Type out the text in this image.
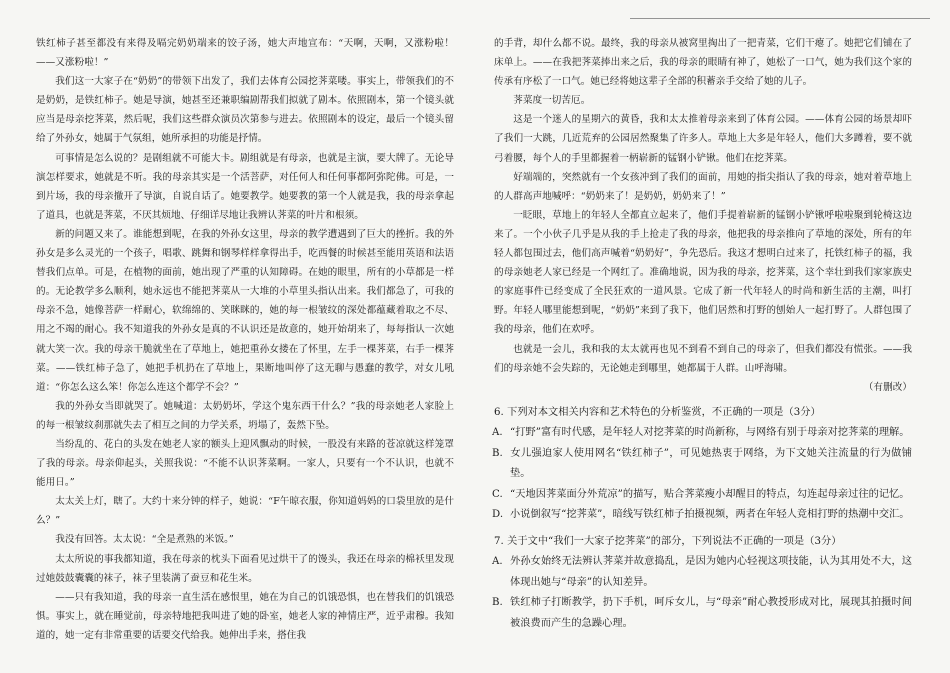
铁红柿子甚至都没有来得及嗝完奶奶端来的饺子汤，她大声地宣布：“天啊，天啊，又涨粉啦！——又涨粉啦！”

我们这一大家子在“奶奶”的带领下出发了，我们去体育公园挖荠菜喽。事实上，带领我们的不是奶奶，是铁红柿子。她是导演，她甚至还兼职编剧帮我们拟就了剧本。依照剧本，第一个镜头就应当是母亲挖荠菜，然后呢，我们这些群众演员次第参与进去。依照剧本的设定，最后一个镜头留给了外孙女，她属于气氛组，她所承担的功能是抒情。

可事情是怎么说的？是剧组就不可能大卡。剧组就是有母亲，也就是主演，要大牌了。无论导演怎样要求，她就是不听。我的母亲其实是一个活菩萨，对任何人和任何事都阿弥陀佛。可是，一到片场，我的母亲撤开了导演，自说自话了。她要教学。她要教的第一个人就是我，我的母亲拿起了道具，也就是荠菜，不厌其烦地、仔细详尽地让我辨认荠菜的叶片和根须。

新的问题又来了。谁能想到呢，在我的外孙女这里，母亲的教学遭遇到了巨大的挫折。我的外孙女是多么灵光的一个孩子，唱歌、跳舞和钢琴样样拿得出手，吃西餐的时候甚至能用英语和法语替我们点单。可是，在植物的面前，她出现了严重的认知障碍。在她的眼里，所有的小草都是一样的。无论教学多么顺利，她永远也不能把荠菜从一大堆的小草里头指认出来。我们都急了，可我的母亲不急，她像菩萨一样耐心，软绵绵的、笑眯眯的，她的每一根皱纹的深处都蕴藏着取之不尽、用之不竭的耐心。我不知道我的外孙女是真的不认识还是故意的，她开始胡来了，每每指认一次她就大笑一次。我的母亲干脆就坐在了草地上，她把重孙女搂在了怀里，左手一棵荠菜，右手一棵荠菜。——铁红柿子急了，她把手机扔在了草地上，果断地叫停了这无聊与愚蠢的教学，对女儿吼道：“你怎么这么笨！你怎么连这个都学不会？”

我的外孙女当即就哭了。她喊道：太奶奶坏，学这个鬼东西干什么？”我的母亲她老人家脸上的每一根皱纹刹那就失去了相互之间的力学关系，坍塌了，轰然下坠。

当纷乱的、花白的头发在她老人家的额头上迎风飘动的时候，一股没有来路的苍凉就这样笼罩了我的母亲。母亲仰起头，关照我说：“不能不认识荠菜啊。一家人，只要有一个不认识，也就不能用日。”

太太关上灯，瞎了。大约十来分钟的样子，她说：“F午晾衣服，你知道妈妈的口袋里放的是什么？”

我没有回答。太太说：“全是煮熟的米饭。”

太太所说的事我都知道，我在母亲的枕头下面看见过烘干了的馒头，我还在母亲的棉袄里发现过她鼓鼓囊囊的袜子，袜子里装满了蚕豆和花生米。

——只有我知道，我的母亲一直生活在感恨里，她在为自己的饥饿恐惧，也在替我们的饥饿恐惧。事实上，就在睡觉前，母亲特地把我叫进了她的卧室，她老人家的神情庄严，近乎肃穆。我知道的，她一定有非常重要的话要交代给我。她伸出手来，搭住我

的手背，却什么都不说。最终，我的母亲从被窝里掏出了一把青菜，它们干瘪了。她把它们铺在了床单上。——在我把荠菜捧出来之后，我的母亲的眼睛有神了，她松了一口气，她为我们这个家的传承有序松了一口气。她已经将她这辈子全部的积蓄亲手交给了她的儿子。

荠菜度一切苦厄。

这是一个迷人的星期六的黄昏，我和太太推着母亲来到了体育公园。——体育公园的场景却吓了我们一大跳，几近荒弃的公园居然聚集了许多人。草地上大多是年轻人，他们大多蹲着，要不就弓着腰，每个人的手里都握着一柄崭新的锰钢小铲锹。他们在挖荠菜。

好端端的，突然就有一个女孩冲到了我们的面前，用她的指尖指认了我的母亲，她对着草地上的人群高声地喊呼：“奶奶来了！是奶奶，奶奶来了！”

一眨眼，草地上的年轻人全都直立起来了，他们手提着崭新的锰钢小铲锹呼啦啦聚到轮椅这边来了。一个小伙子几乎是从我的手上抢走了我的母亲，他把我的母亲推向了草地的深处，所有的年轻人都包围过去，他们高声喊着“奶奶好”，争先恐后。我这才想明白过来了，托铁红柿子的福，我的母亲她老人家已经是一个网红了。准确地说，因为我的母亲，挖荠菜，这个幸壮到我们家家族史的家庭事件已经变成了全民狂欢的一道风景。它成了新一代年轻人的时尚和新生活的主潮，叫打野。年轻人哪里能想到呢，“奶奶”来到了我下，他们居然和打野的刨始人一起打野了。人群包围了我的母亲，他们在欢呼。

也就是一会儿，我和我的太太就再也见不到看不到自己的母亲了，但我们都没有慌张。——我们的母亲她不会失踪的，无论她走到哪里，她都属于人群。山呼海啸。

（有删改）

6. 下列对本文相关内容和艺术特色的分析鉴赏，不正确的一项是（3分）

A. “打野”富有时代感，是年轻人对挖荠菜的时尚新称，与网络有别于母亲对挖荠菜的理解。

B. 女儿强迫家人使用网名“铁红柿子”，可见她热衷于网络，为下文她关注流量的行为做铺垫。

C. “天地因荠菜面分外荒凉”的描写，贴合荠菜瘦小却醒目的特点，勾连起母亲过往的记忆。

D. 小说倒叙写“挖荠菜”，暗线写铁红柿子拍摄视频，两者在年轻人竞相打野的热潮中交汇。

7. 关于文中“我们一大家子挖荠菜”的部分，下列说法不正确的一项是（3分）

A. 外孙女始终无法辨认荠菜并故意捣乱，是因为她内心轻视这项技能，认为其用处不大，这体现出她与“母亲”的认知差异。

B. 铁红柿子打断教学，扔下手机，呵斥女儿，与“母亲”耐心教授形成对比，展现其拍摄时间被浪费而产生的急躁心理。
